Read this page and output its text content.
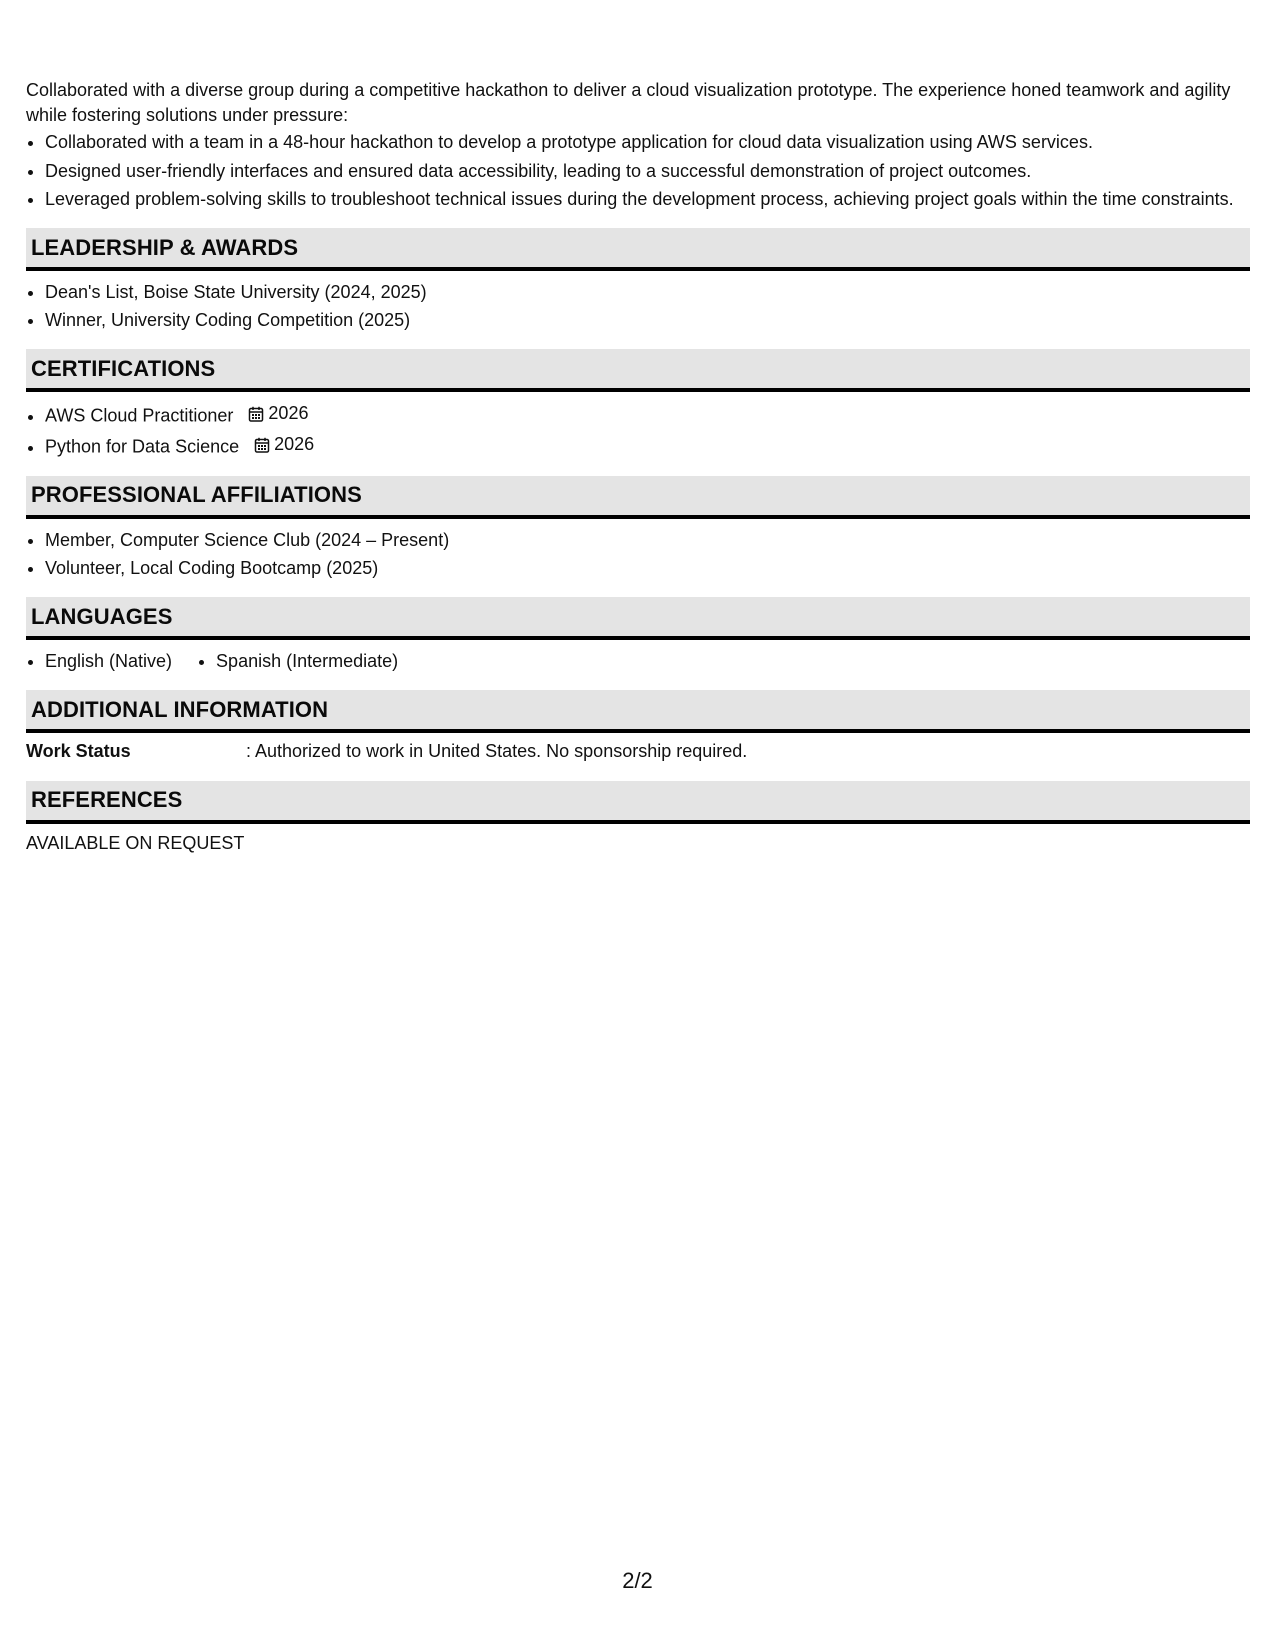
Collaborated with a diverse group during a competitive hackathon to deliver a cloud visualization prototype. The experience honed teamwork and agility while fostering solutions under pressure:

• Collaborated with a team in a 48-hour hackathon to develop a prototype application for cloud data visualization using AWS services.
• Designed user-friendly interfaces and ensured data accessibility, leading to a successful demonstration of project outcomes.
• Leveraged problem-solving skills to troubleshoot technical issues during the development process, achieving project goals within the time constraints.
LEADERSHIP & AWARDS
• Dean's List, Boise State University (2024, 2025)
• Winner, University Coding Competition (2025)
CERTIFICATIONS
• AWS Cloud Practitioner 2026
• Python for Data Science 2026
PROFESSIONAL AFFILIATIONS
• Member, Computer Science Club (2024 – Present)
• Volunteer, Local Coding Bootcamp (2025)
LANGUAGES
• English (Native)
• Spanish (Intermediate)
ADDITIONAL INFORMATION
Work Status	: Authorized to work in United States. No sponsorship required.
REFERENCES
AVAILABLE ON REQUEST
2/2
